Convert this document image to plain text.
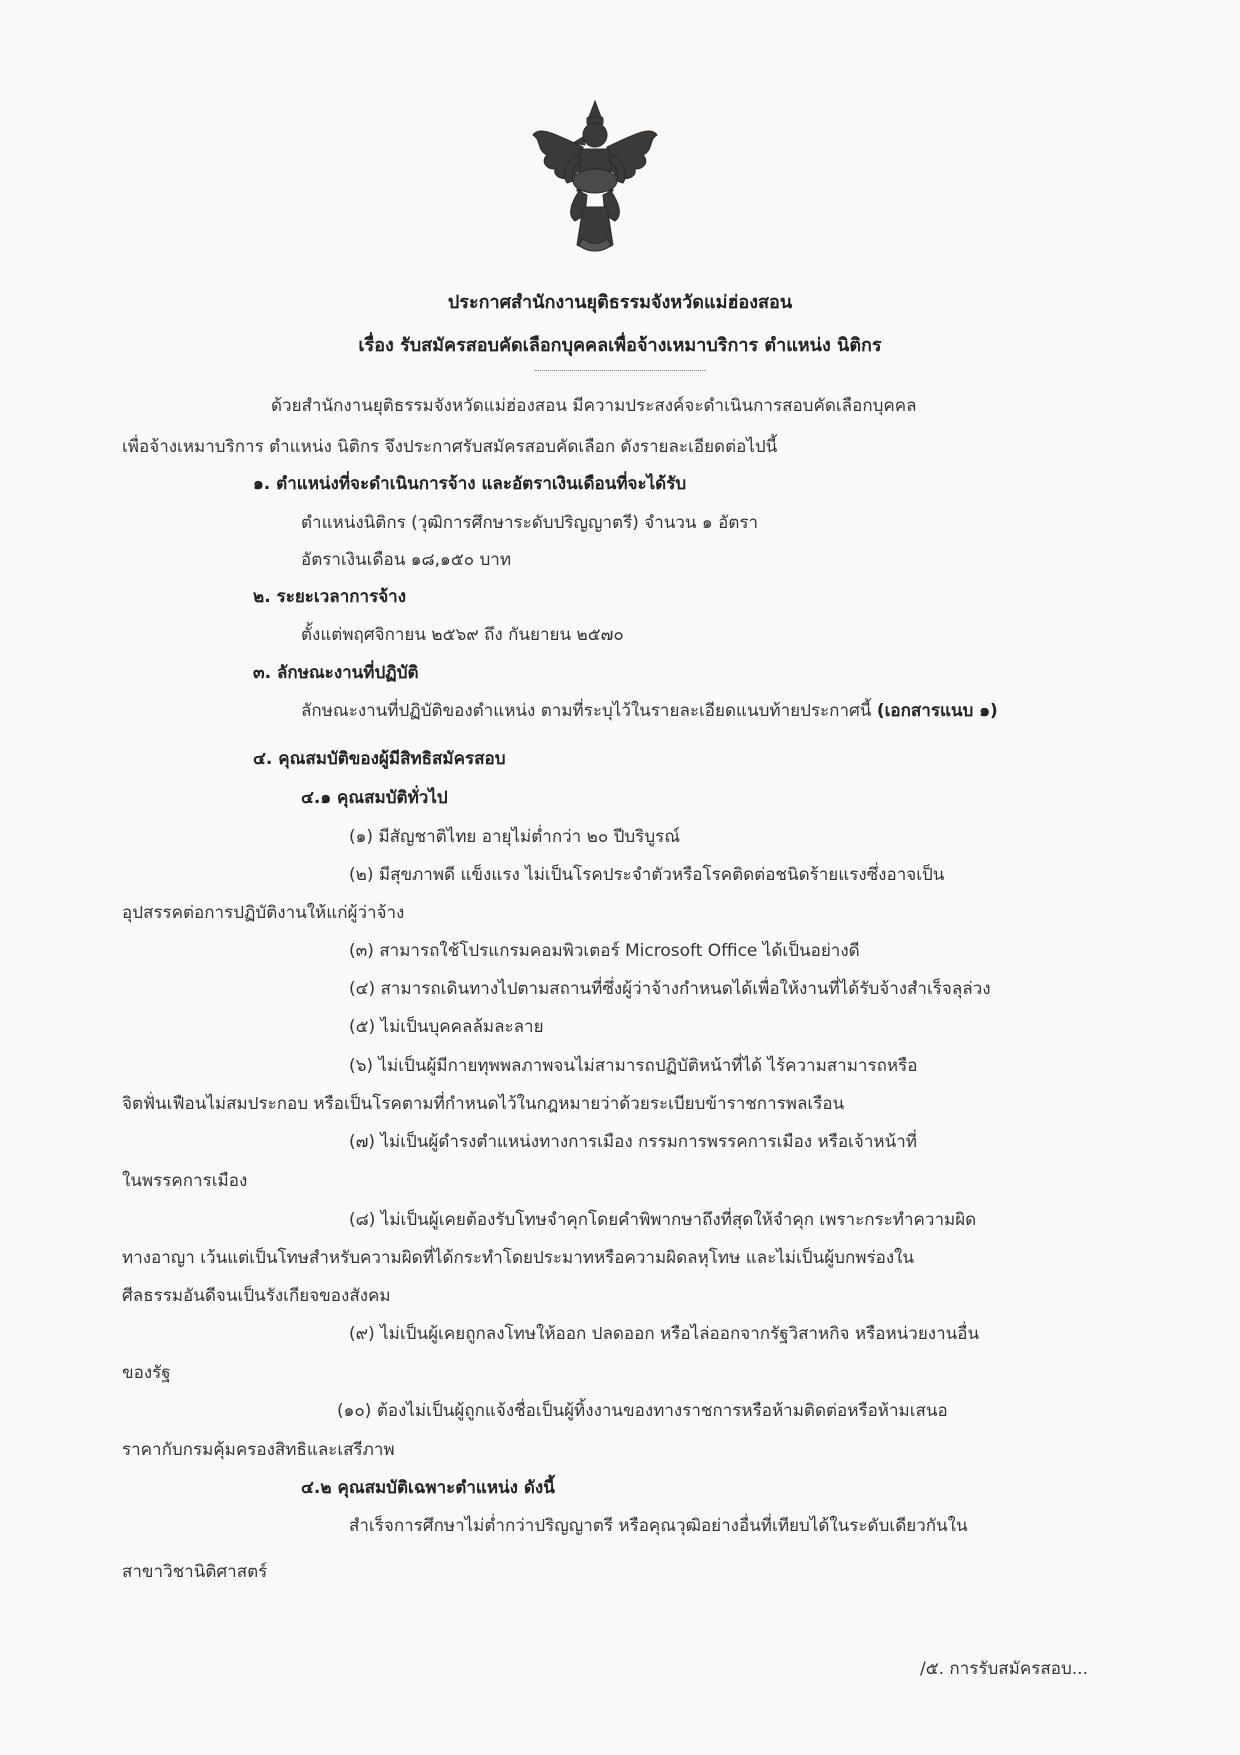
ประกาศสำนักงานยุติธรรมจังหวัดแม่ฮ่องสอน
เรื่อง รับสมัครสอบคัดเลือกบุคคลเพื่อจ้างเหมาบริการ ตำแหน่ง นิติกร
ด้วยสำนักงานยุติธรรมจังหวัดแม่ฮ่องสอน มีความประสงค์จะดำเนินการสอบคัดเลือกบุคคล
เพื่อจ้างเหมาบริการ ตำแหน่ง นิติกร จึงประกาศรับสมัครสอบคัดเลือก ดังรายละเอียดต่อไปนี้
๑. ตำแหน่งที่จะดำเนินการจ้าง และอัตราเงินเดือนที่จะได้รับ
ตำแหน่งนิติกร (วุฒิการศึกษาระดับปริญญาตรี) จำนวน ๑ อัตรา
อัตราเงินเดือน ๑๘,๑๕๐ บาท
๒. ระยะเวลาการจ้าง
ตั้งแต่พฤศจิกายน ๒๕๖๙ ถึง กันยายน ๒๕๗๐
๓. ลักษณะงานที่ปฏิบัติ
ลักษณะงานที่ปฏิบัติของตำแหน่ง ตามที่ระบุไว้ในรายละเอียดแนบท้ายประกาศนี้ (เอกสารแนบ ๑)
๔. คุณสมบัติของผู้มีสิทธิสมัครสอบ
๔.๑ คุณสมบัติทั่วไป
(๑) มีสัญชาติไทย อายุไม่ต่ำกว่า ๒๐ ปีบริบูรณ์
(๒) มีสุขภาพดี แข็งแรง ไม่เป็นโรคประจำตัวหรือโรคติดต่อชนิดร้ายแรงซึ่งอาจเป็น
อุปสรรคต่อการปฏิบัติงานให้แก่ผู้ว่าจ้าง
(๓) สามารถใช้โปรแกรมคอมพิวเตอร์ Microsoft Office ได้เป็นอย่างดี
(๔) สามารถเดินทางไปตามสถานที่ซึ่งผู้ว่าจ้างกำหนดได้เพื่อให้งานที่ได้รับจ้างสำเร็จลุล่วง
(๕) ไม่เป็นบุคคลล้มละลาย
(๖) ไม่เป็นผู้มีกายทุพพลภาพจนไม่สามารถปฏิบัติหน้าที่ได้ ไร้ความสามารถหรือ
จิตฟั่นเฟือนไม่สมประกอบ หรือเป็นโรคตามที่กำหนดไว้ในกฎหมายว่าด้วยระเบียบข้าราชการพลเรือน
(๗) ไม่เป็นผู้ดำรงตำแหน่งทางการเมือง กรรมการพรรคการเมือง หรือเจ้าหน้าที่
ในพรรคการเมือง
(๘) ไม่เป็นผู้เคยต้องรับโทษจำคุกโดยคำพิพากษาถึงที่สุดให้จำคุก เพราะกระทำความผิด
ทางอาญา เว้นแต่เป็นโทษสำหรับความผิดที่ได้กระทำโดยประมาทหรือความผิดลหุโทษ และไม่เป็นผู้บกพร่องใน
ศีลธรรมอันดีจนเป็นรังเกียจของสังคม
(๙) ไม่เป็นผู้เคยถูกลงโทษให้ออก ปลดออก หรือไล่ออกจากรัฐวิสาหกิจ หรือหน่วยงานอื่น
ของรัฐ
(๑๐) ต้องไม่เป็นผู้ถูกแจ้งชื่อเป็นผู้ทิ้งงานของทางราชการหรือห้ามติดต่อหรือห้ามเสนอ
ราคากับกรมคุ้มครองสิทธิและเสรีภาพ
๔.๒ คุณสมบัติเฉพาะตำแหน่ง ดังนี้
สำเร็จการศึกษาไม่ต่ำกว่าปริญญาตรี หรือคุณวุฒิอย่างอื่นที่เทียบได้ในระดับเดียวกันใน
สาขาวิชานิติศาสตร์
/๕. การรับสมัครสอบ...
